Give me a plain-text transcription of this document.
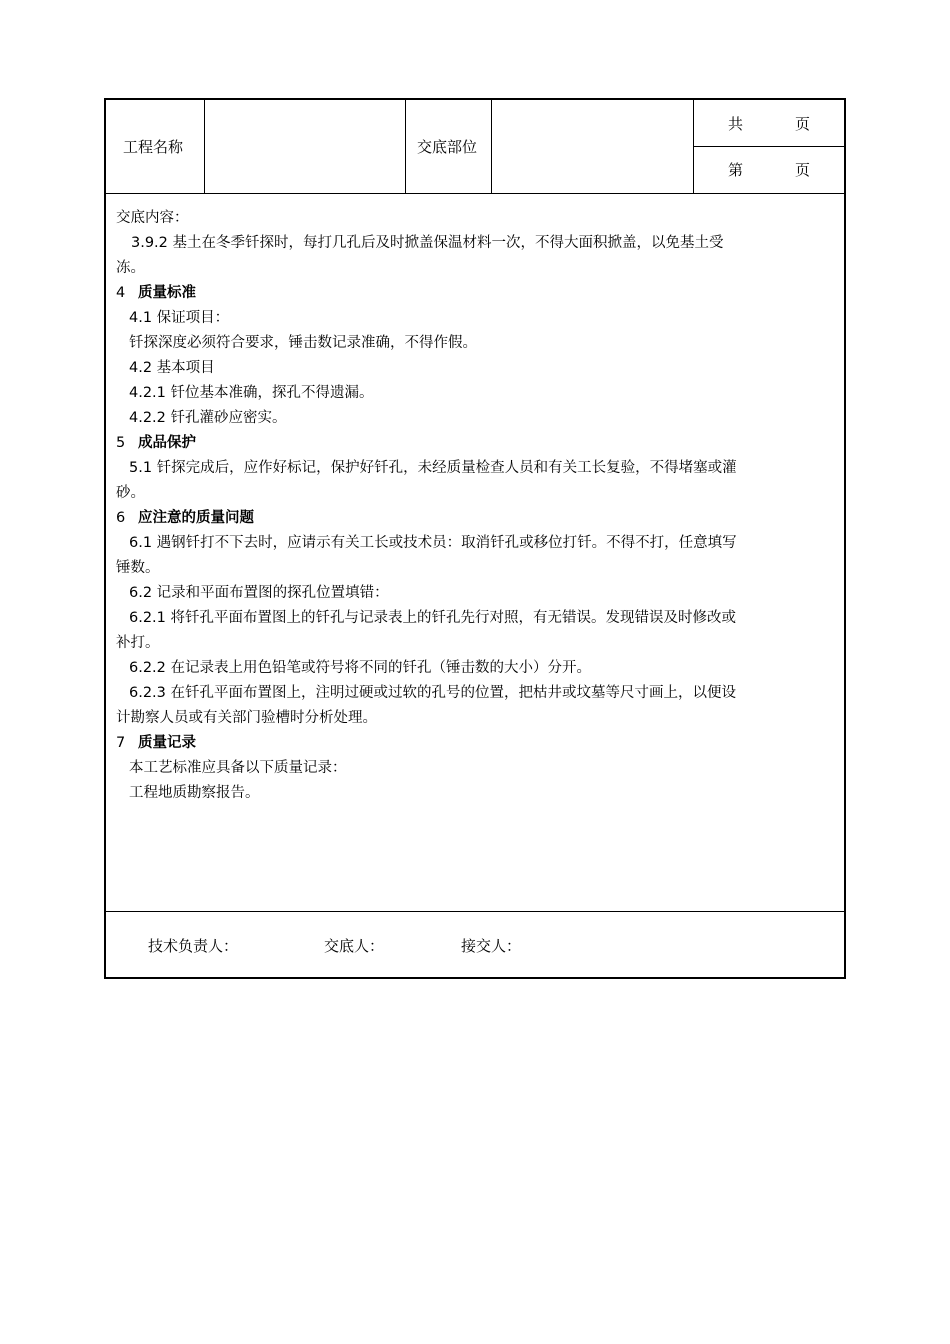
工程名称	交底部位
共	页
第	页
交底内容：
3.9.2 基土在冬季钎探时，每打几孔后及时掀盖保温材料一次，不得大面积掀盖，以免基土受
冻。
4 质量标准
4.1 保证项目：
钎探深度必须符合要求，锤击数记录准确，不得作假。
4.2 基本项目
4.2.1 钎位基本准确，探孔不得遗漏。
4.2.2 钎孔灌砂应密实。
5 成品保护
5.1 钎探完成后，应作好标记，保护好钎孔，未经质量检查人员和有关工长复验，不得堵塞或灌
砂。
6 应注意的质量问题
6.1 遇钢钎打不下去时，应请示有关工长或技术员：取消钎孔或移位打钎。不得不打，任意填写
锤数。
6.2 记录和平面布置图的探孔位置填错：
6.2.1 将钎孔平面布置图上的钎孔与记录表上的钎孔先行对照，有无错误。发现错误及时修改或
补打。
6.2.2 在记录表上用色铅笔或符号将不同的钎孔（锤击数的大小）分开。
6.2.3 在钎孔平面布置图上，注明过硬或过软的孔号的位置，把枯井或坟墓等尺寸画上，以便设
计勘察人员或有关部门验槽时分析处理。
7 质量记录
本工艺标准应具备以下质量记录：
工程地质勘察报告。
技术负责人：	交底人：	接交人：
